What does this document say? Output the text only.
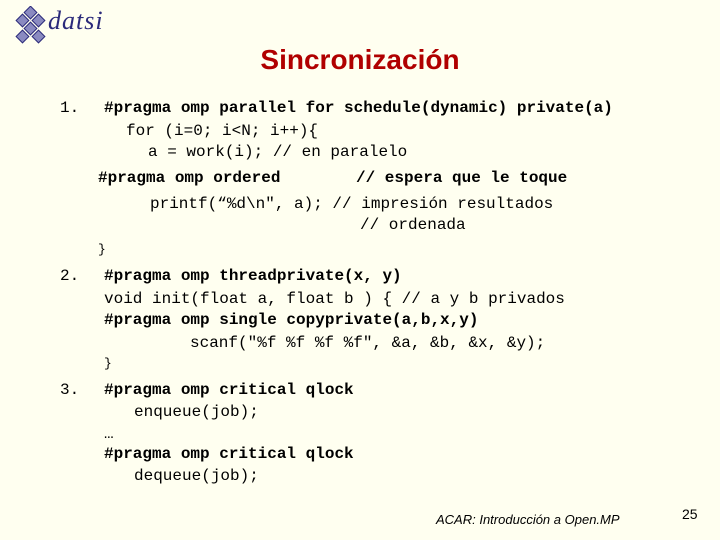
datsi
Sincronización
1.
2.
3.
#pragma omp parallel for schedule(dynamic) private(a)
for (i=0; i<N; i++){
a = work(i); // en paralelo
#pragma omp ordered	// espera que le toque
printf(“%d\n", a); // impresión resultados
// ordenada
}
#pragma omp threadprivate(x, y)
void init(float a, float b ) { // a y b privados
#pragma omp single copyprivate(a,b,x,y)
scanf("%f %f %f %f", &a, &b, &x, &y);
}
#pragma omp critical qlock
enqueue(job);
…
#pragma omp critical qlock
dequeue(job);
ACAR: Introducción a Open.MP	25
